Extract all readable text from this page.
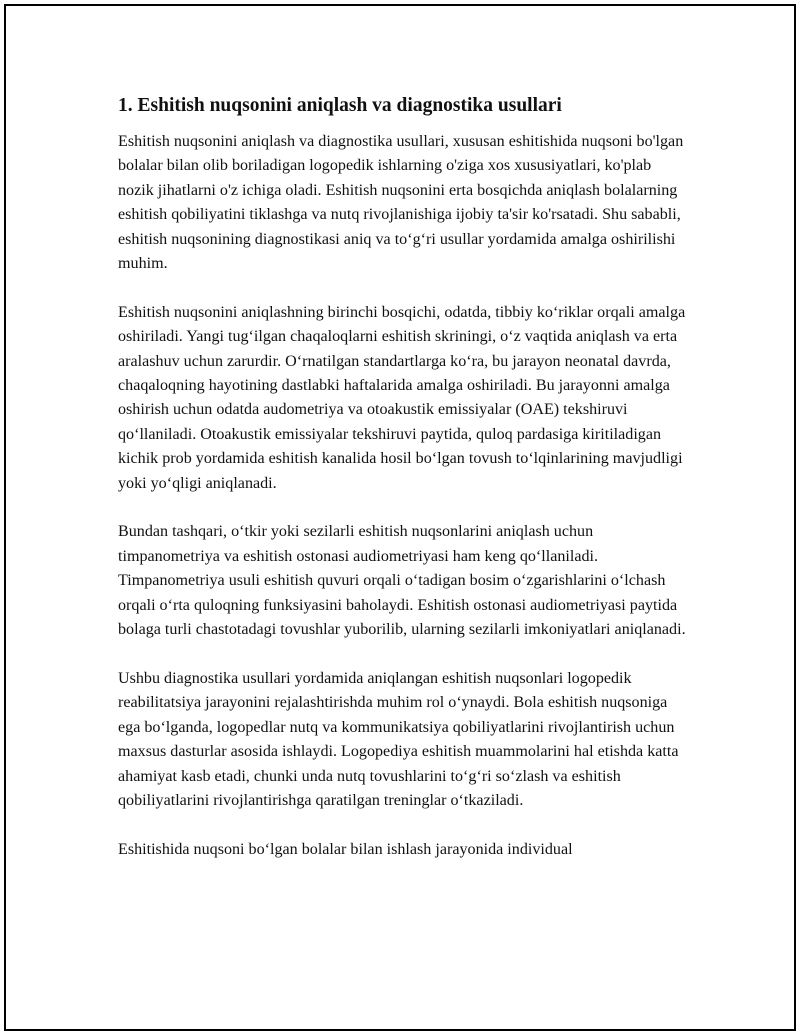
1. Eshitish nuqsonini aniqlash va diagnostika usullari

Eshitish nuqsonini aniqlash va diagnostika usullari, xususan eshitishida nuqsoni bo'lgan bolalar bilan olib boriladigan logopedik ishlarning o'ziga xos xususiyatlari, ko'plab nozik jihatlarni o'z ichiga oladi. Eshitish nuqsonini erta bosqichda aniqlash bolalarning eshitish qobiliyatini tiklashga va nutq rivojlanishiga ijobiy ta'sir ko'rsatadi. Shu sababli, eshitish nuqsonining diagnostikasi aniq va to‘g‘ri usullar yordamida amalga oshirilishi muhim.

Eshitish nuqsonini aniqlashning birinchi bosqichi, odatda, tibbiy ko‘riklar orqali amalga oshiriladi. Yangi tug‘ilgan chaqaloqlarni eshitish skriningi, o‘z vaqtida aniqlash va erta aralashuv uchun zarurdir. O‘rnatilgan standartlarga ko‘ra, bu jarayon neonatal davrda, chaqaloqning hayotining dastlabki haftalarida amalga oshiriladi. Bu jarayonni amalga oshirish uchun odatda audometriya va otoakustik emissiyalar (OAE) tekshiruvi qo‘llaniladi. Otoakustik emissiyalar tekshiruvi paytida, quloq pardasiga kiritiladigan kichik prob yordamida eshitish kanalida hosil bo‘lgan tovush to‘lqinlarining mavjudligi yoki yo‘qligi aniqlanadi.

Bundan tashqari, o‘tkir yoki sezilarli eshitish nuqsonlarini aniqlash uchun timpanometriya va eshitish ostonasi audiometriyasi ham keng qo‘llaniladi. Timpanometriya usuli eshitish quvuri orqali o‘tadigan bosim o‘zgarishlarini o‘lchash orqali o‘rta quloqning funksiyasini baholaydi. Eshitish ostonasi audiometriyasi paytida bolaga turli chastotadagi tovushlar yuborilib, ularning sezilarli imkoniyatlari aniqlanadi.

Ushbu diagnostika usullari yordamida aniqlangan eshitish nuqsonlari logopedik reabilitatsiya jarayonini rejalashtirishda muhim rol o‘ynaydi. Bola eshitish nuqsoniga ega bo‘lganda, logopedlar nutq va kommunikatsiya qobiliyatlarini rivojlantirish uchun maxsus dasturlar asosida ishlaydi. Logopediya eshitish muammolarini hal etishda katta ahamiyat kasb etadi, chunki unda nutq tovushlarini to‘g‘ri so‘zlash va eshitish qobiliyatlarini rivojlantirishga qaratilgan treninglar o‘tkaziladi.

Eshitishida nuqsoni bo‘lgan bolalar bilan ishlash jarayonida individual
